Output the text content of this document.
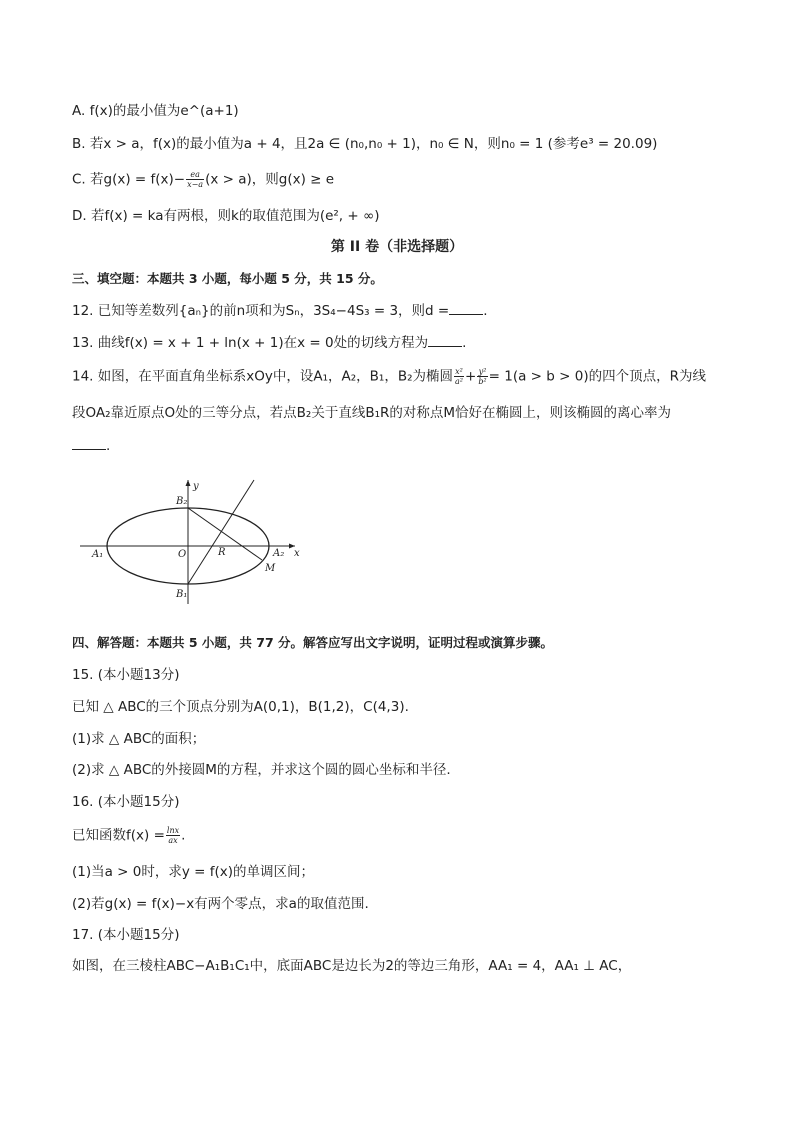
A. f(x)的最小值为e^(a+1)
B. 若x > a，f(x)的最小值为a + 4，且2a ∈ (n₀,n₀ + 1)，n₀ ∈ N，则n₀ = 1 (参考e³ = 20.09)
C. 若$g(x) = f(x)- \frac{ea}{x-a} (x > a)$，则g(x) ≥ e
D. 若f(x) = ka有两根，则k的取值范围为(e², + ∞)
第 II 卷（非选择题）
三、填空题：本题共 3 小题，每小题 5 分，共 15 分。
12. 已知等差数列{aₙ}的前n项和为Sₙ，3S₄−4S₃ = 3，则d =	.
13. 曲线f(x) = x + 1 + ln(x + 1)在x = 0处的切线方程为	.
14. 如图，在平面直角坐标系xOy中，设A₁，A₂，B₁，B₂为椭圆 $\frac{\text{x²}}{\text{a²}} + \frac{\text{y²}}{\text{b²}} = 1(a > b > 0)$的四个顶点，R为线
段OA₂靠近原点O处的三等分点，若点B₂关于直线B₁R的对称点M恰好在椭圆上，则该椭圆的离心率为
.
B₂
y
x
A₁	O	R	A₂
M
B₁
四、解答题：本题共 5 小题，共 77 分。解答应写出文字说明，证明过程或演算步骤。
15. (本小题13分)
已知 △ ABC的三个顶点分别为A(0,1)，B(1,2)，C(4,3).
(1)求 △ ABC的面积；
(2)求 △ ABC的外接圆M的方程，并求这个圆的圆心坐标和半径.
16. (本小题15分)
已知函数$f(x) = \frac{\ln x}{ax}$ .
(1)当a > 0时，求y = f(x)的单调区间；
(2)若g(x) = f(x)−x有两个零点，求a的取值范围.
17. (本小题15分)
如图，在三棱柱ABC−A₁B₁C₁中，底面ABC是边长为2的等边三角形，AA₁ = 4，AA₁ ⊥ AC，
